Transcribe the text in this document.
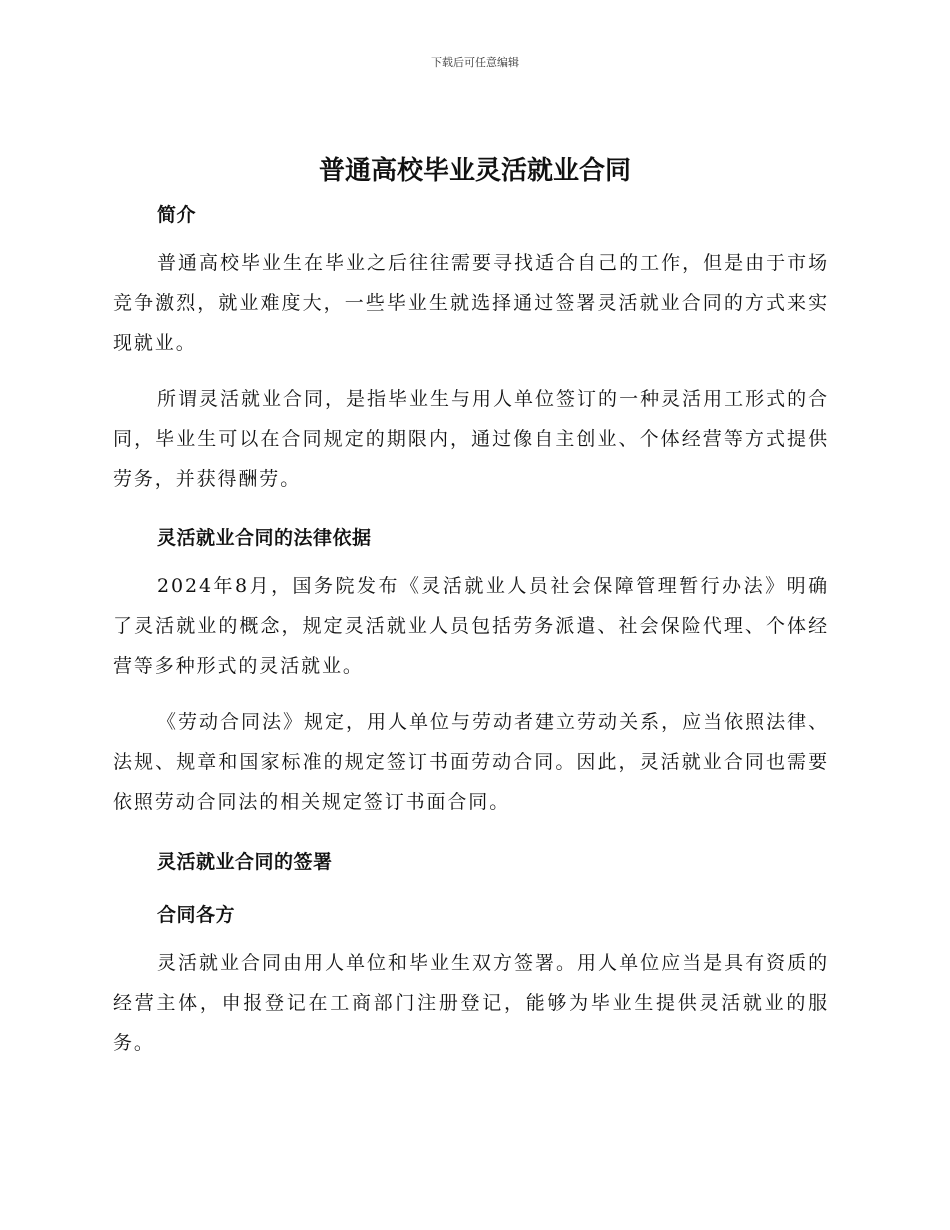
下载后可任意编辑
普通高校毕业灵活就业合同
简介
普通高校毕业生在毕业之后往往需要寻找适合自己的工作，但是由于市场竞争激烈，就业难度大，一些毕业生就选择通过签署灵活就业合同的方式来实现就业。
所谓灵活就业合同，是指毕业生与用人单位签订的一种灵活用工形式的合同，毕业生可以在合同规定的期限内，通过像自主创业、个体经营等方式提供劳务，并获得酬劳。
灵活就业合同的法律依据
2024年8月，国务院发布《灵活就业人员社会保障管理暂行办法》明确了灵活就业的概念，规定灵活就业人员包括劳务派遣、社会保险代理、个体经营等多种形式的灵活就业。
《劳动合同法》规定，用人单位与劳动者建立劳动关系，应当依照法律、法规、规章和国家标准的规定签订书面劳动合同。因此，灵活就业合同也需要依照劳动合同法的相关规定签订书面合同。
灵活就业合同的签署
合同各方
灵活就业合同由用人单位和毕业生双方签署。用人单位应当是具有资质的经营主体，申报登记在工商部门注册登记，能够为毕业生提供灵活就业的服务。
